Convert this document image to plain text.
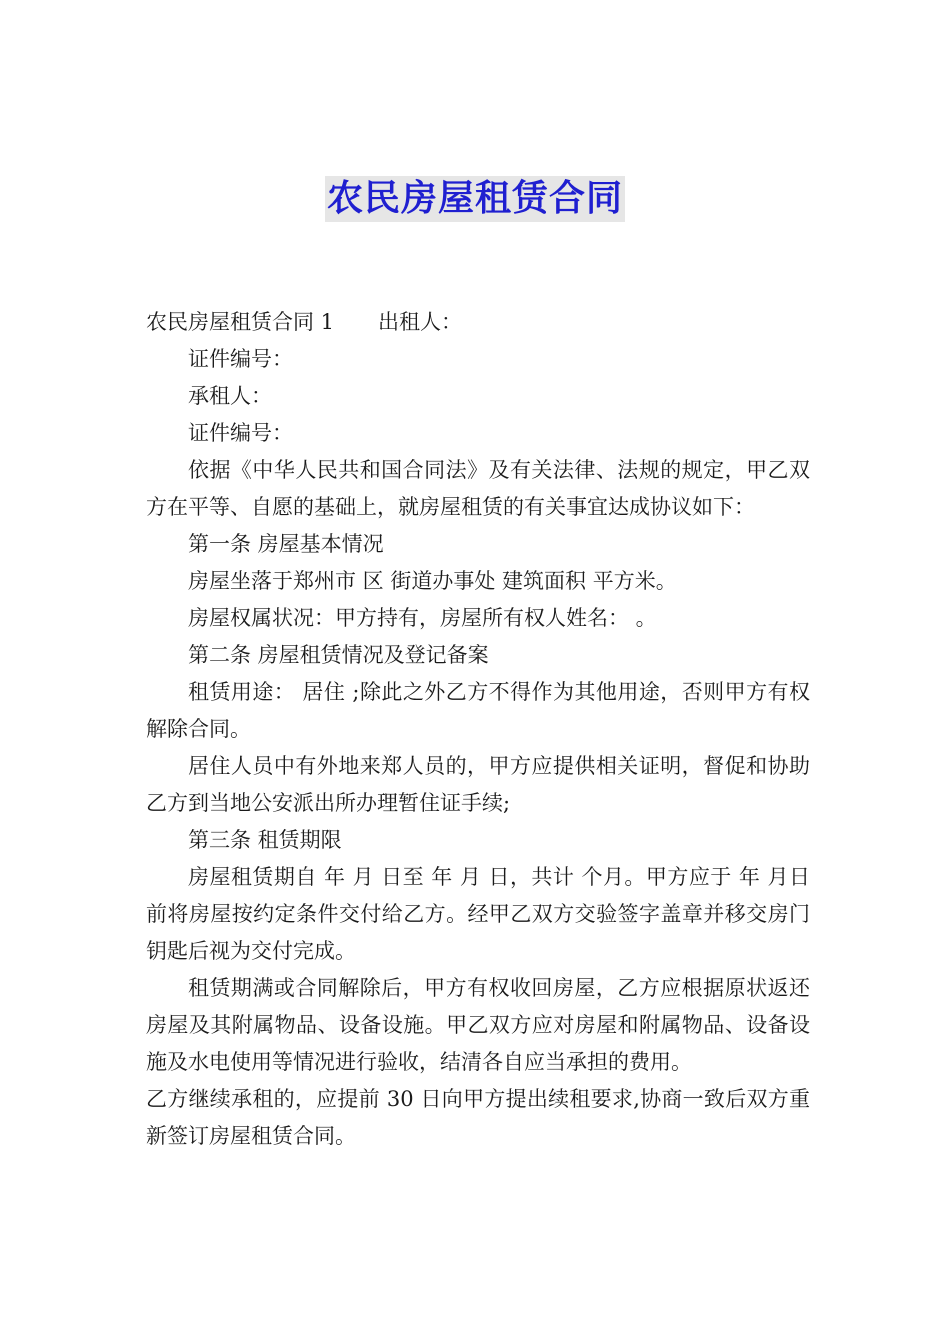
农民房屋租赁合同

农民房屋租赁合同 1 出租人：

证件编号：

承租人：

证件编号：

依据《中华人民共和国合同法》及有关法律、法规的规定，甲乙双方在平等、自愿的基础上，就房屋租赁的有关事宜达成协议如下：

第一条 房屋基本情况

房屋坐落于郑州市 区 街道办事处 建筑面积 平方米。

房屋权属状况：甲方持有，房屋所有权人姓名： 。

第二条 房屋租赁情况及登记备案

租赁用途： 居住 ;除此之外乙方不得作为其他用途，否则甲方有权解除合同。

居住人员中有外地来郑人员的，甲方应提供相关证明，督促和协助乙方到当地公安派出所办理暂住证手续;

第三条 租赁期限

房屋租赁期自 年 月 日至 年 月 日，共计 个月。甲方应于 年 月日前将房屋按约定条件交付给乙方。经甲乙双方交验签字盖章并移交房门钥匙后视为交付完成。

租赁期满或合同解除后，甲方有权收回房屋，乙方应根据原状返还房屋及其附属物品、设备设施。甲乙双方应对房屋和附属物品、设备设施及水电使用等情况进行验收，结清各自应当承担的费用。

乙方继续承租的，应提前 30 日向甲方提出续租要求,协商一致后双方重新签订房屋租赁合同。
